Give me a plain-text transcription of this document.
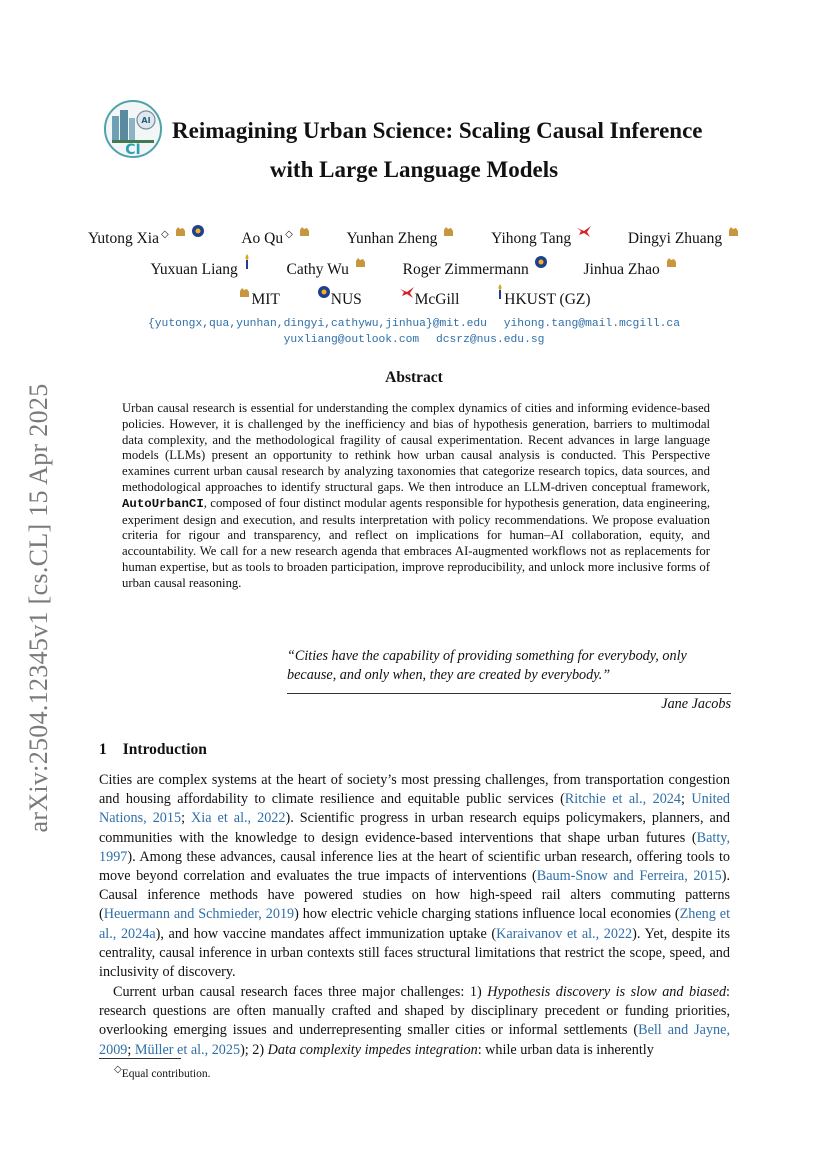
arXiv:2504.12345v1 [cs.CL] 15 Apr 2025
AI
CI
Reimagining Urban Science: Scaling Causal Inference
with Large Language Models
Yutong Xia ◇
	Ao Qu ◇	Yunhan Zheng	Yihong Tang	Dingyi Zhuang
Yuxuan Liang	Cathy Wu	Roger Zimmermann	Jinhua Zhao
MIT	NUS	McGill	HKUST (GZ)
{yutongx,qua,yunhan,dingyi,cathywu,jinhua}@mit.edu yihong.tang@mail.mcgill.ca
yuxliang@outlook.com dcsrz@nus.edu.sg
Abstract
Urban causal research is essential for understanding the complex dynamics of cities and informing evidence-based policies. However, it is challenged by the inefficiency and bias of hypothesis generation, barriers to multimodal data complexity, and the methodological fragility of causal experimentation. Recent advances in large language models (LLMs) present an opportunity to rethink how urban causal analysis is conducted. This Perspective examines current urban causal research by analyzing taxonomies that categorize research topics, data sources, and methodological approaches to identify structural gaps. We then introduce an LLM-driven conceptual framework, AutoUrbanCI, composed of four distinct modular agents responsible for hypothesis generation, data engineering, experiment design and execution, and results interpretation with policy recommendations. We propose evaluation criteria for rigour and transparency, and reflect on implications for human–AI collaboration, equity, and accountability. We call for a new research agenda that embraces AI-augmented workflows not as replacements for human expertise, but as tools to broaden participation, improve reproducibility, and unlock more inclusive forms of urban causal reasoning.
“Cities have the capability of providing something for everybody, only because, and only when, they are created by everybody.”
Jane Jacobs
1 Introduction
Cities are complex systems at the heart of society’s most pressing challenges, from transportation congestion and housing affordability to climate resilience and equitable public services (Ritchie et al., 2024; United Nations, 2015; Xia et al., 2022). Scientific progress in urban research equips policymakers, planners, and communities with the knowledge to design evidence-based interventions that shape urban futures (Batty, 1997). Among these advances, causal inference lies at the heart of scientific urban research, offering tools to move beyond correlation and evaluates the true impacts of interventions (Baum-Snow and Ferreira, 2015). Causal inference methods have powered studies on how high-speed rail alters commuting patterns (Heuermann and Schmieder, 2019) how electric vehicle charging stations influence local economies (Zheng et al., 2024a), and how vaccine mandates affect immunization uptake (Karaivanov et al., 2022). Yet, despite its centrality, causal inference in urban contexts still faces structural limitations that restrict the scope, speed, and inclusivity of discovery.
Current urban causal research faces three major challenges: 1) Hypothesis discovery is slow and biased: research questions are often manually crafted and shaped by disciplinary precedent or funding priorities, overlooking emerging issues and underrepresenting smaller cities or informal settlements (Bell and Jayne, 2009; Müller et al., 2025); 2) Data complexity impedes integration: while urban data is inherently
◇Equal contribution.
